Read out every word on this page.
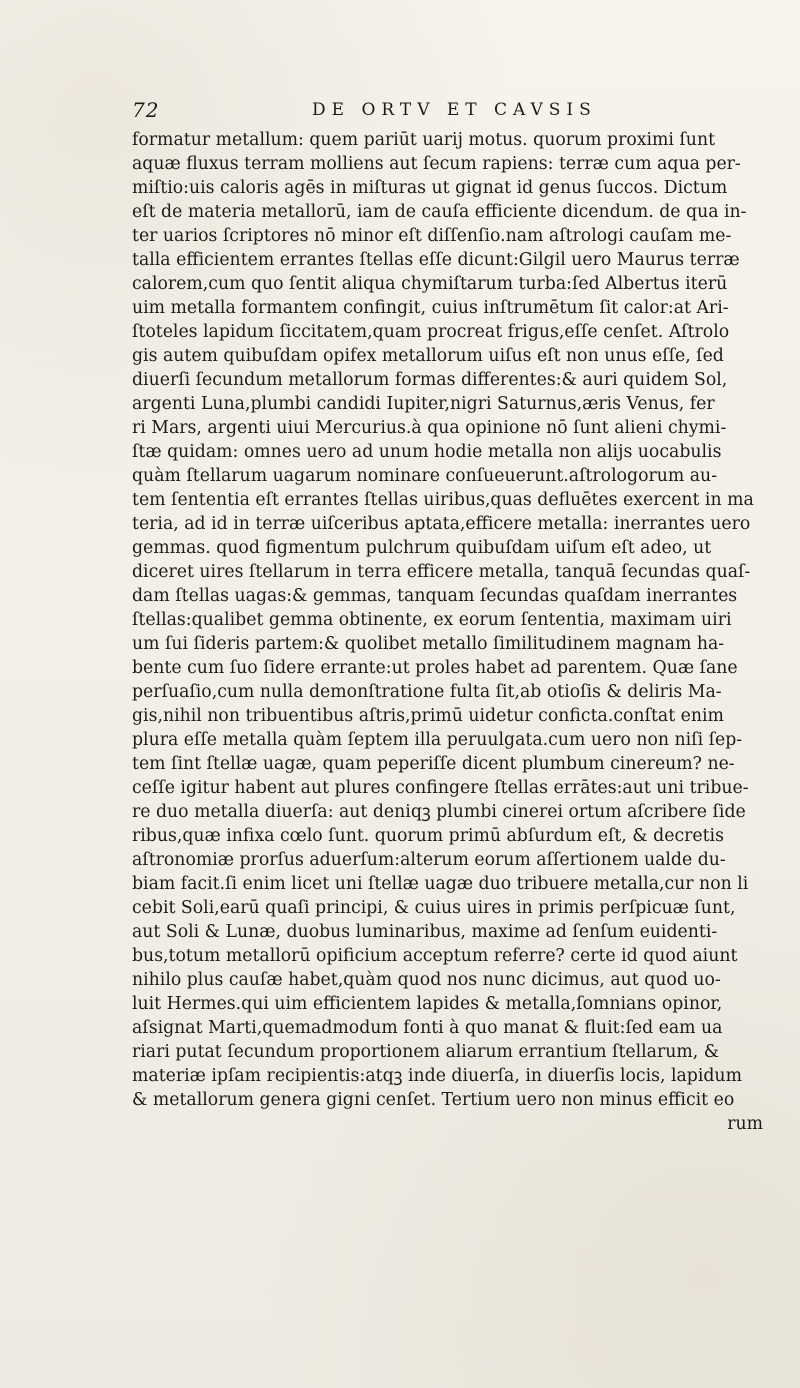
72	DE ORTV ET CAVSIS
formatur metallum: quem pariūt uarij motus. quorum proximi ſunt
aquæ fluxus terram molliens aut ſecum rapiens: terræ cum aqua per-
miſtio:uis caloris agēs in miſturas ut gignat id genus ſuccos. Dictum
eſt de materia metallorū, iam de cauſa efficiente dicendum. de qua in-
ter uarios ſcriptores nō minor eſt diſſenſio.nam aſtrologi cauſam me-
talla efficientem errantes ſtellas eſſe dicunt:Gilgil uero Maurus terræ
calorem,cum quo ſentit aliqua chymiſtarum turba:ſed Albertus iterū
uim metalla formantem confingit, cuius inſtrumētum ſit calor:at Ari-
ſtoteles lapidum ſiccitatem,quam procreat frigus,eſſe cenſet. Aſtrolo
gis autem quibuſdam opifex metallorum uiſus eſt non unus eſſe, ſed
diuerſi ſecundum metallorum formas differentes:& auri quidem Sol,
argenti Luna,plumbi candidi Iupiter,nigri Saturnus,æris Venus, fer
ri Mars, argenti uiui Mercurius.à qua opinione nō ſunt alieni chymi-
ſtæ quidam: omnes uero ad unum hodie metalla non alijs uocabulis
quàm ſtellarum uagarum nominare conſueuerunt.aſtrologorum au-
tem ſententia eſt errantes ſtellas uiribus,quas defluētes exercent in ma
teria, ad id in terræ uiſceribus aptata,efficere metalla: inerrantes uero
gemmas. quod figmentum pulchrum quibuſdam uiſum eſt adeo, ut
diceret uires ſtellarum in terra efficere metalla, tanquā ſecundas quaſ-
dam ſtellas uagas:& gemmas, tanquam ſecundas quaſdam inerrantes
ſtellas:qualibet gemma obtinente, ex eorum ſententia, maximam uiri
um ſui ſideris partem:& quolibet metallo ſimilitudinem magnam ha-
bente cum ſuo ſidere errante:ut proles habet ad parentem. Quæ ſane
perſuaſio,cum nulla demonſtratione fulta ſit,ab otioſis & deliris Ma-
gis,nihil non tribuentibus aſtris,primū uidetur conficta.conſtat enim
plura eſſe metalla quàm ſeptem illa peruulgata.cum uero non niſi ſep-
tem ſint ſtellæ uagæ, quam peperiſſe dicent plumbum cinereum? ne-
ceſſe igitur habent aut plures confingere ſtellas errātes:aut uni tribue-
re duo metalla diuerſa: aut deniqꝫ plumbi cinerei ortum aſcribere ſide
ribus,quæ infixa cœlo ſunt. quorum primū abſurdum eſt, & decretis
aſtronomiæ prorſus aduerſum:alterum eorum aſſertionem ualde du-
biam facit.ſi enim licet uni ſtellæ uagæ duo tribuere metalla,cur non li
cebit Soli,earū quaſi principi, & cuius uires in primis perſpicuæ ſunt,
aut Soli & Lunæ, duobus luminaribus, maxime ad ſenſum euidenti-
bus,totum metallorū opificium acceptum referre? certe id quod aiunt
nihilo plus cauſæ habet,quàm quod nos nunc dicimus, aut quod uo-
luit Hermes.qui uim efficientem lapides & metalla,ſomnians opinor,
aſsignat Marti,quemadmodum fonti à quo manat & fluit:ſed eam ua
riari putat ſecundum proportionem aliarum errantium ſtellarum, &
materiæ ipſam recipientis:atqꝫ inde diuerſa, in diuerſis locis, lapidum
& metallorum genera gigni cenſet. Tertium uero non minus efficit eo
rum
